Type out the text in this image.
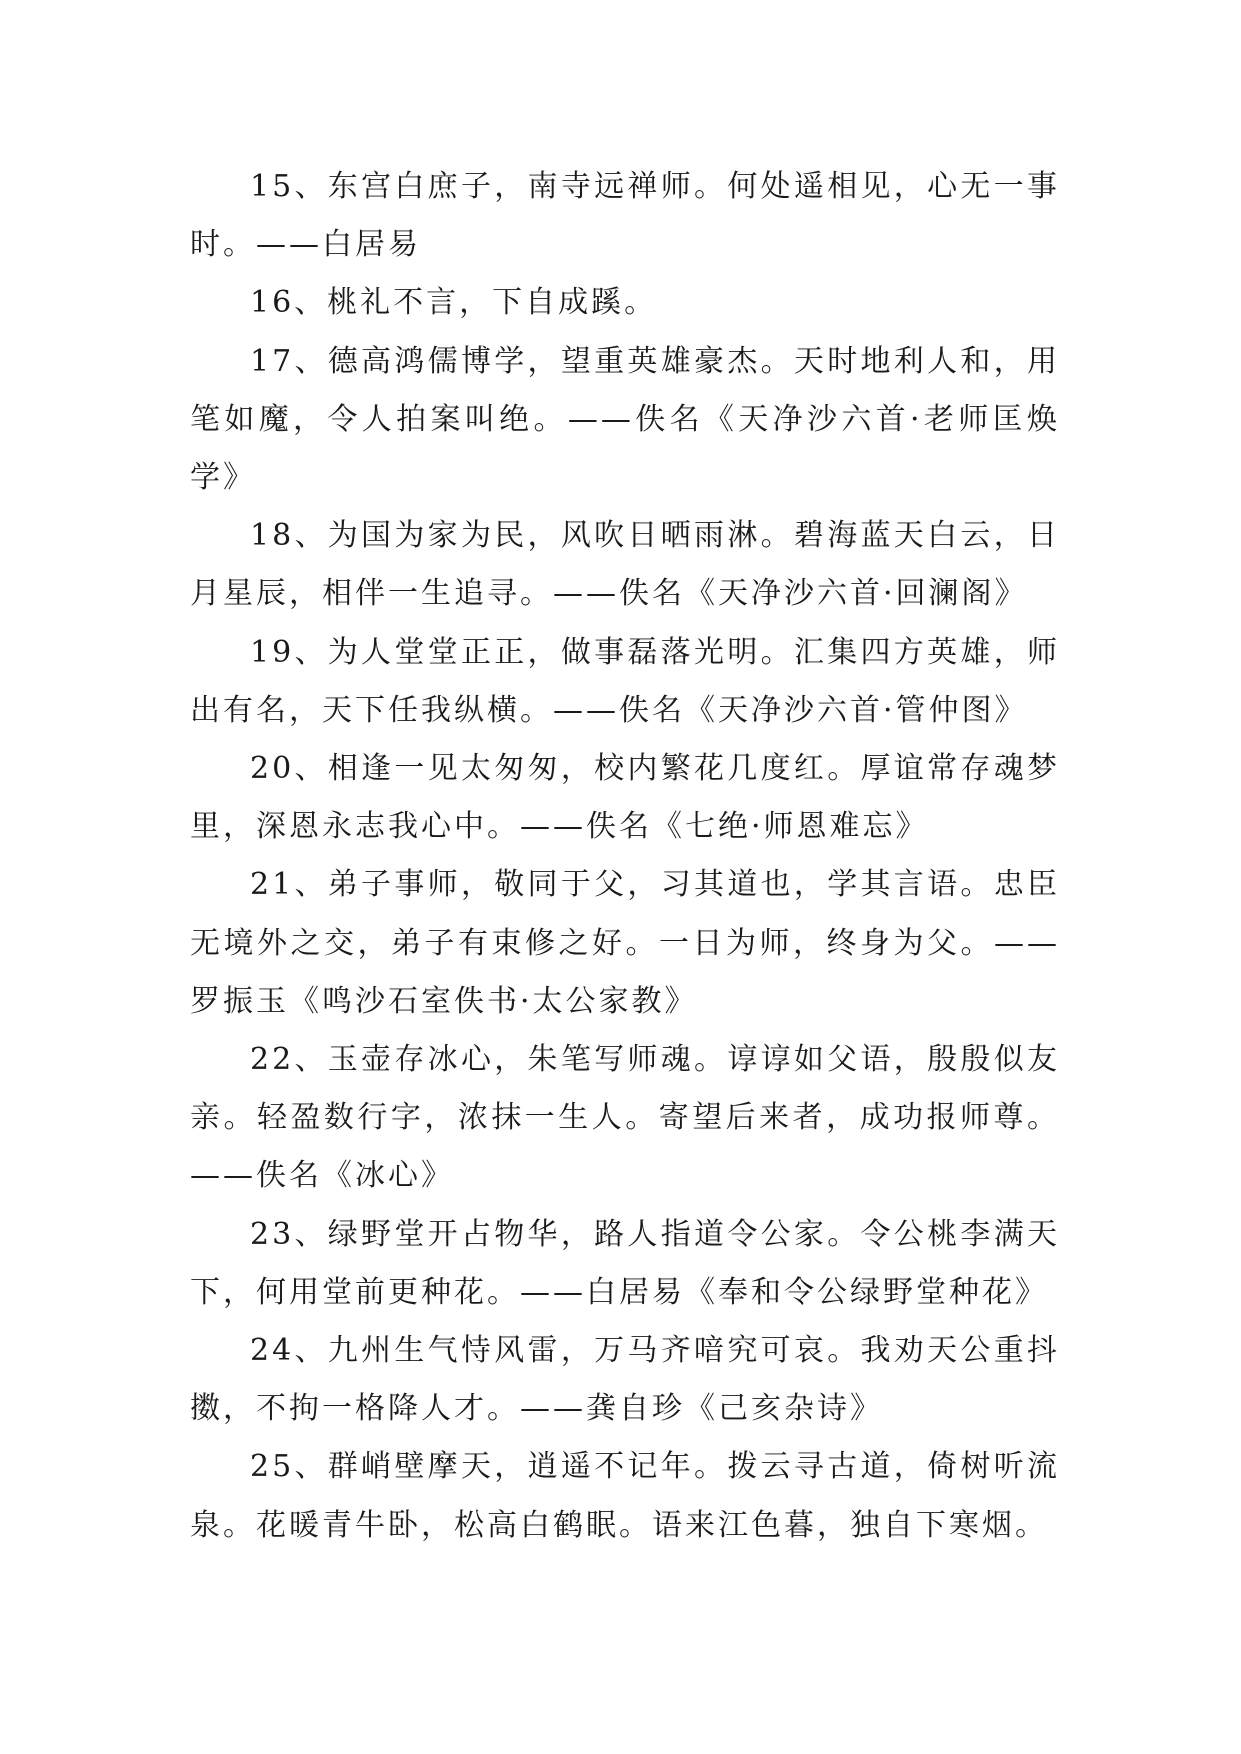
15、东宫白庶子，南寺远禅师。何处遥相见，心无一事时。——白居易

16、桃礼不言，下自成蹊。

17、德高鸿儒博学，望重英雄豪杰。天时地利人和，用笔如魔，令人拍案叫绝。——佚名《天净沙六首·老师匡焕学》

18、为国为家为民，风吹日晒雨淋。碧海蓝天白云，日月星辰，相伴一生追寻。——佚名《天净沙六首·回澜阁》

19、为人堂堂正正，做事磊落光明。汇集四方英雄，师出有名，天下任我纵横。——佚名《天净沙六首·管仲图》

20、相逢一见太匆匆，校内繁花几度红。厚谊常存魂梦里，深恩永志我心中。——佚名《七绝·师恩难忘》

21、弟子事师，敬同于父，习其道也，学其言语。忠臣无境外之交，弟子有束修之好。一日为师，终身为父。——罗振玉《鸣沙石室佚书·太公家教》

22、玉壶存冰心，朱笔写师魂。谆谆如父语，殷殷似友亲。轻盈数行字，浓抹一生人。寄望后来者，成功报师尊。——佚名《冰心》

23、绿野堂开占物华，路人指道令公家。令公桃李满天下，何用堂前更种花。——白居易《奉和令公绿野堂种花》

24、九州生气恃风雷，万马齐喑究可哀。我劝天公重抖擞，不拘一格降人才。——龚自珍《己亥杂诗》

25、群峭壁摩天，逍遥不记年。拨云寻古道，倚树听流泉。花暖青牛卧，松高白鹤眠。语来江色暮，独自下寒烟。
